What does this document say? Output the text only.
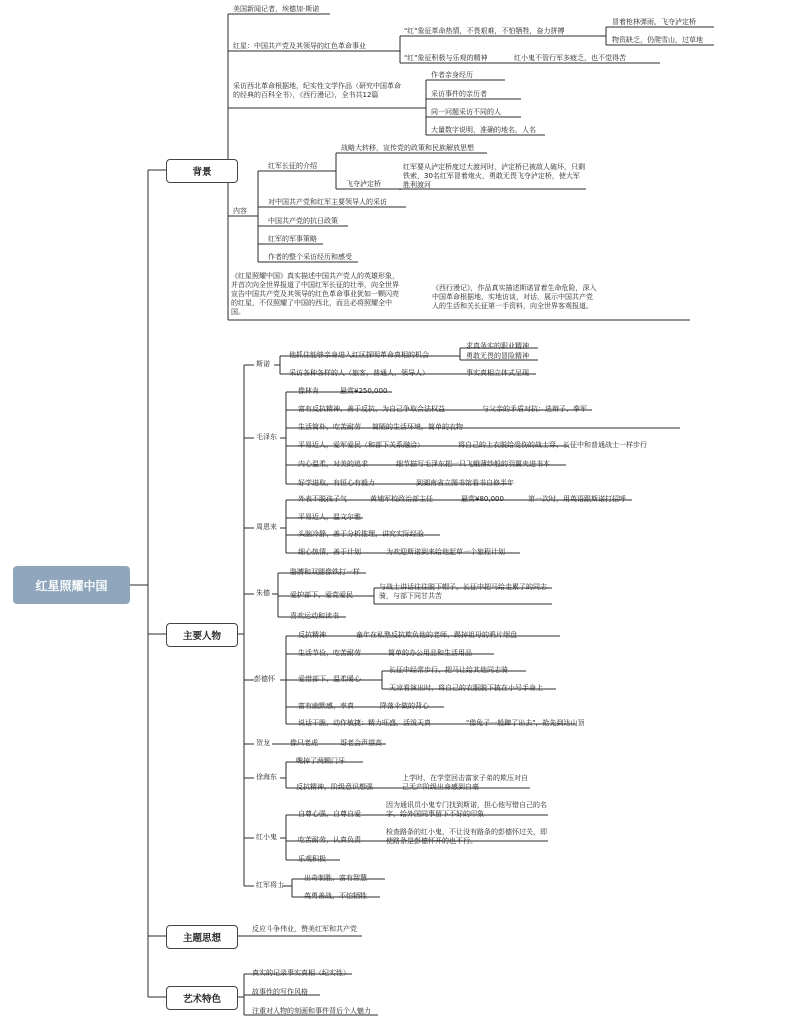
红星照耀中国
背景
主要人物
主题思想
艺术特色
美国新闻记者，埃德加·斯诺
红星：中国共产党及其领导的红色革命事业
"红"象征革命热情，不畏艰难，不怕牺牲，奋力拼搏
冒着枪林弹雨，飞夺泸定桥
物资缺乏，仍爬雪山，过草地
"红"象征积极与乐观的精神	红小鬼不管行军多疲乏，也不觉得苦
采访西北革命根据地，纪实性文学作品（研究中国革命的经典的百科全书），《西行漫记》，全书共12篇
作者亲身经历
采访事件的亲历者
同一问题采访不同的人
大量数字说明，准确的地名，人名
内容
红军长征的介绍
战略大转移，宣传党的政策和民族解放思想
飞夺泸定桥
红军要从泸定桥度过大渡河时，泸定桥已被敌人破坏，只剩铁索，30名红军冒着炮火，勇敢无畏飞夺泸定桥，使大军胜利渡河
对中国共产党和红军主要领导人的采访
中国共产党的抗日政策
红军的军事策略
作者的整个采访经历和感受
《红星照耀中国》真实描述中国共产党人的英雄形象，并首次向全世界报道了中国红军长征的壮举，向全世界宣告中国共产党及其领导的红色革命事业犹如一颗闪亮的红星，不仅照耀了中国的西北，而且必将照耀全中国。
《西行漫记》，作品真实描述斯诺冒着生命危险，深入中国革命根据地，实地访谈，对话，展示中国共产党人的生活和关长征第一手资料，向全世界客观报道。
斯诺
他抓住能够亲身进入红区探明革命真相的机会
求真务实的职业精神
勇敢无畏的冒险精神
采访各种各样的人（旅客，普通人，领导人）	事实真相立体式呈现
毛泽东
像林肯	悬赏¥250,000
富有反抗精神，善于反抗，为自己争取合法权益	与父亲的矛盾对抗：选辩子、拳军
生活简朴，吃苦耐劳 简陋的生活环境，简单的衣物
平易近人，爱军爱民（和部下关系融洽）	将自己的上衣脱给受伤的战士穿，长征中和普通战士一样步行
内心温柔，对美的追求	细节描写毛泽东把一只飞蛾薄纱般的羽翼夹进书本
好学进取，有恒心有毅力	到湖南省立图书馆看书自修半年
周恩来
外表不脱孩子气	黄埔军校政治部主任	悬赏¥80,000	第一次时，用英语跟斯诺打招呼
平易近人，温文尔雅
头脑冷静，善于分析推理，讲究实际经验
细心热情，善于计划	为欢迎斯诺到来给他起草一个旅程计划
朱德
胳膊和双腿像铁打一样
爱护部下，爱党爱民
与战士讲话往往脱下帽子，长征中把马给走累了的同志骑，与部下同甘共苦
喜欢运动和读书
彭德怀
反抗精神	童年在私塾反抗欺负他的老师，踢掉祖母的鸦片烟盘
生活节俭，吃苦耐劳	简单的办公用品和生活用品
爱惜部下，温柔暖心
长征中经常步行，把马让给其他同志骑
天凉看演出时，将自己的衣服脱下披在小号手身上
富有幽默感，率真	降落伞做的背心
说话干脆，动作敏捷：精力旺盛，活泼天真	"像兔子一般蹿了出去"，抢先到达山顶
贺龙	像只老虎	哥老会声望高
徐海东
嘴掉了两颗门牙
反抗精神，阶级意识想强
上学时，在学堂回击富家子弟的欺压对自己无产阶级出身感到自豪
红小鬼
自尊心强，自尊自爱
因为通讯员小鬼专门找到斯诺，担心他写错自己的名字，给外国同事留下不好的印象
吃苦耐劳，认真负责
检查路条的红小鬼，不让没有路条的彭德怀过关，即使路条是彭德怀开的也不行。
乐观积极
红军将士
出奇制胜，富有智慧
英勇善战，不怕牺牲
反应斗争伟业，赞美红军和共产党
真实的记录事实真相（纪实性）
故事性的写作风格
注重对人物的刻画和事件背后个人魅力
